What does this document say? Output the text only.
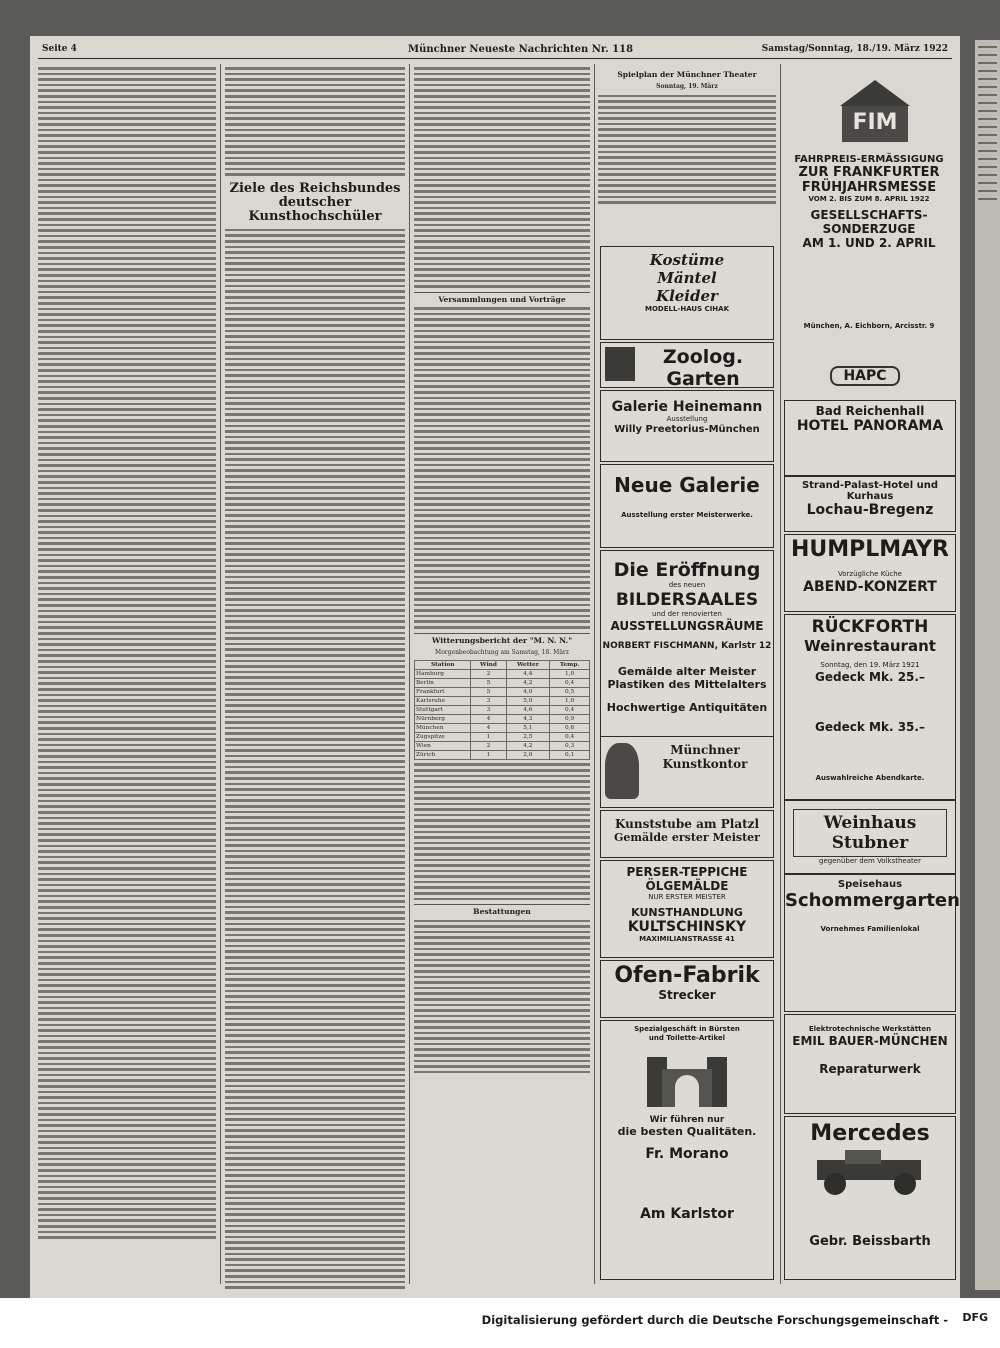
Seite 4	Münchner Neueste Nachrichten Nr. 118	Samstag/Sonntag, 18./19. März 1922
Ziele des Reichsbundes deutscher Kunsthochschüler
Versammlungen und Vorträge
Witterungsbericht der "M. N. N."
Morgenbeobachtung am Samstag, 18. März
Station	Wind	Wetter	Temp.
Hamburg	2	4,4	1,0
Berlin	5	4,2	0,4
Frankfurt	5	4,0	0,5
Karlsruhe	3	5,0	1,0
Stuttgart	3	4,6	0,4
Nürnberg	4	4,3	0,9
München	4	5,1	0,6
Zugspitze	1	2,5	0,4
Wien	2	4,2	0,3
Zürich	1	2,0	0,1
Bestattungen
Spielplan der Münchner Theater
Sonntag, 19. März
Kostüme
Mäntel
Kleider
MODELL-HAUS CIHAK
Zoolog. Garten
Galerie Heinemann
Ausstellung
Willy Preetorius-München
Neue Galerie
Ausstellung erster Meisterwerke.
Die Eröffnung
des neuen
BILDERSAALES
und der renovierten
AUSSTELLUNGSRÄUME
NORBERT FISCHMANN, Karlstr 12
Gemälde alter Meister
Plastiken des Mittelalters
Hochwertige Antiquitäten
Münchner Kunstkontor
Kunststube am Platzl
Gemälde erster Meister
PERSER-TEPPICHE
ÖLGEMÄLDE
NUR ERSTER MEISTER
KUNSTHANDLUNG
KULTSCHINSKY
MAXIMILIANSTRASSE 41
Ofen-Fabrik
Strecker
Spezialgeschäft in Bürsten
und Toilette-Artikel
Wir führen nur
die besten Qualitäten.
Fr. Morano
Am Karlstor
FIM
FAHRPREIS-ERMÄSSIGUNG
ZUR FRANKFURTER FRÜHJAHRSMESSE
VOM 2. BIS ZUM 8. APRIL 1922
GESELLSCHAFTS-SONDERZUGE
AM 1. UND 2. APRIL
München, A. Eichborn, Arcisstr. 9
HAPC
Bad Reichenhall
HOTEL PANORAMA
Strand-Palast-Hotel und Kurhaus
Lochau-Bregenz
HUMPLMAYR
Vorzügliche Küche
ABEND-KONZERT
RÜCKFORTH
Weinrestaurant
Sonntag, den 19. März 1921
Gedeck Mk. 25.–
Gedeck Mk. 35.–
Auswahlreiche Abendkarte.
Weinhaus Stubner
gegenüber dem Volkstheater
Speisehaus
Schommergarten
Vornehmes Familienlokal
Elektrotechnische Werkstätten
EMIL BAUER-MÜNCHEN
Reparaturwerk
Mercedes
Gebr. Beissbarth
Digitalisierung gefördert durch die Deutsche Forschungsgemeinschaft - DFG
